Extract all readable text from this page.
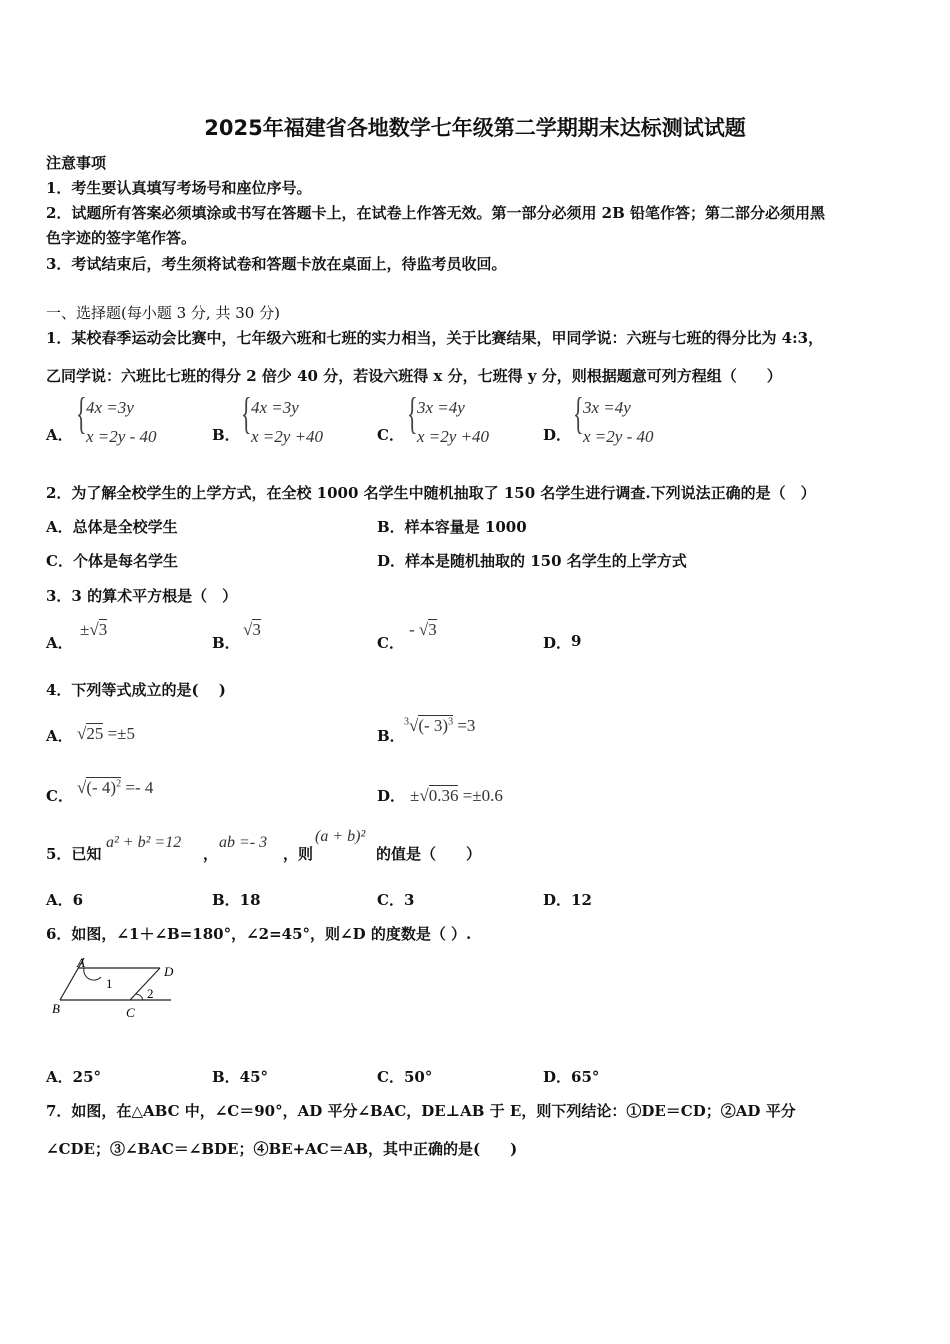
2025年福建省各地数学七年级第二学期期末达标测试试题
注意事项
1．考生要认真填写考场号和座位序号。
2．试题所有答案必须填涂或书写在答题卡上，在试卷上作答无效。第一部分必须用 2B 铅笔作答；第二部分必须用黑
色字迹的签字笔作答。
3．考试结束后，考生须将试卷和答题卡放在桌面上，待监考员收回。
一、选择题(每小题 3 分, 共 30 分)
1．某校春季运动会比赛中，七年级六班和七班的实力相当，关于比赛结果，甲同学说：六班与七班的得分比为 4:3，
乙同学说：六班比七班的得分 2 倍少 40 分，若设六班得 x 分，七班得 y 分，则根据题意可列方程组（　　）
A． { 4x =3y
x =2y - 40	B． { 4x =3y
x =2y +40	C． { 3x =4y
x =2y +40	D． { 3x =4y
x =2y - 40
2．为了解全校学生的上学方式，在全校 1000 名学生中随机抽取了 150 名学生进行调查.下列说法正确的是（　）
A．总体是全校学生	B．样本容量是 1000
C．个体是每名学生	D．样本是随机抽取的 150 名学生的上学方式
3．3 的算术平方根是（　）
A．
±√3
B．
√3
C．
- √3
D． 9
4．下列等式成立的是(　 )
A． √25 =±5	B．
$^3$√(- 3)$^3$ =3
C． √(- 4)$^2$ =- 4	D． ±√0.36 =±0.6
5．已知
a² + b² =12
，
ab =- 3
，则
(a + b)²
的值是（　　）
A．6	B．18	C．3	D．12
6．如图，∠1＋∠B=180°，∠2=45°，则∠D 的度数是（ ）.
A
D
1
2
B	C
A．25°	B．45°	C．50°	D．65°
7．如图，在△ABC 中，∠C＝90°，AD 平分∠BAC，DE⊥AB 于 E，则下列结论：①DE＝CD；②AD 平分
∠CDE；③∠BAC＝∠BDE；④BE+AC＝AB，其中正确的是(　　)
